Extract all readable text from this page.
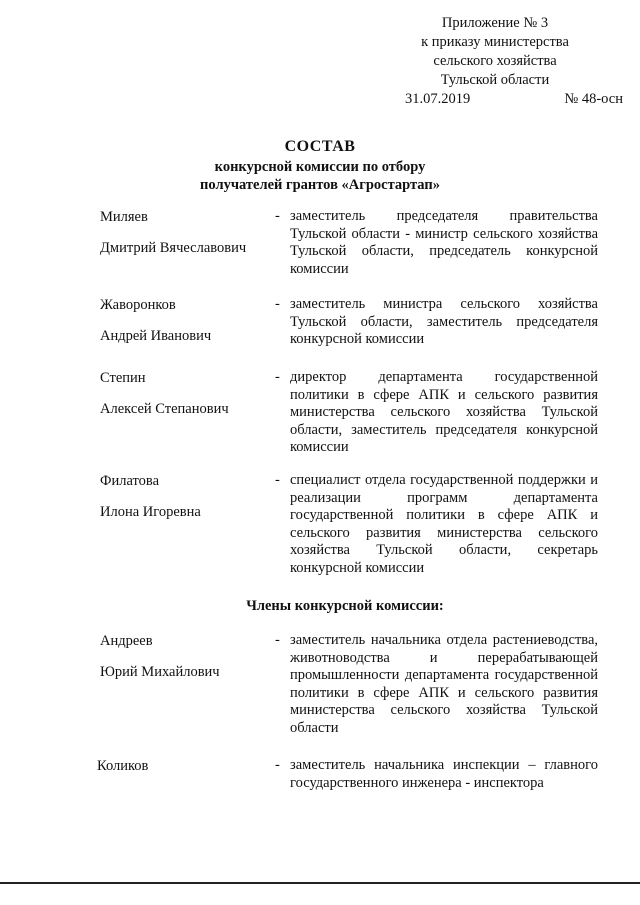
Приложение № 3
к приказу министерства
сельского хозяйства
Тульской области
31.07.2019	№ 48-осн
СОСТАВ
конкурсной комиссии по отбору
получателей грантов «Агростартап»
Миляев
Дмитрий Вячеславович
- заместитель председателя правительства Тульской области - министр сельского хозяйства Тульской области, председатель конкурсной комиссии
Жаворонков
Андрей Иванович
- заместитель министра сельского хозяйства Тульской области, заместитель председателя конкурсной комиссии
Степин
Алексей Степанович
- директор департамента государственной политики в сфере АПК и сельского развития министерства сельского хозяйства Тульской области, заместитель председателя конкурсной комиссии
Филатова
Илона Игоревна
- специалист отдела государственной поддержки и реализации программ департамента государственной политики в сфере АПК и сельского развития министерства сельского хозяйства Тульской области, секретарь конкурсной комиссии
Члены конкурсной комиссии:
Андреев
Юрий Михайлович
- заместитель начальника отдела растениеводства, животноводства и перерабатывающей промышленности департамента государственной политики в сфере АПК и сельского развития министерства сельского хозяйства Тульской области
Коликов	- заместитель начальника инспекции – главного государственного инженера - инспектора
